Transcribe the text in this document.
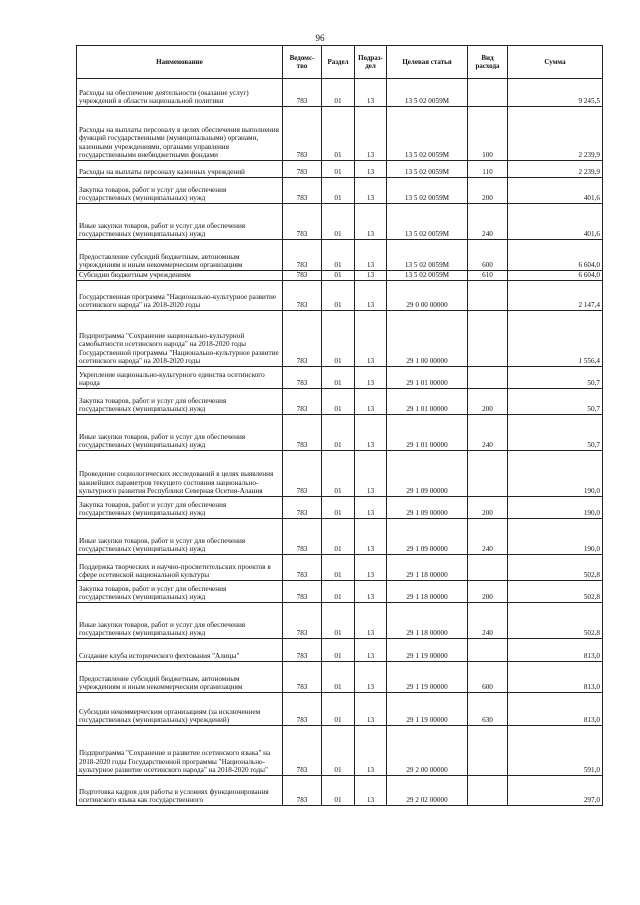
96
Наименование	Ведомс-тво	Раздел	Подраз-дел	Целевая статья	Вид расхода	Сумма
Расходы на обеспечение деятельности (оказание услуг) учреждений в области национальной политики	783	01	13	13 5 02 0059М		9 245,5
Расходы на выплаты персоналу в целях обеспечения выполнения функций государственными (муниципальными) органами, казенными учреждениями, органами управления государственными внебюджетными фондами	783	01	13	13 5 02 0059М	100	2 239,9
Расходы на выплаты персоналу казенных учреждений	783	01	13	13 5 02 0059М	110	2 239,9
Закупка товаров, работ и услуг для обеспечения государственных (муниципальных) нужд	783	01	13	13 5 02 0059М	200	401,6
Иные закупки товаров, работ и услуг для обеспечения государственных (муниципальных) нужд	783	01	13	13 5 02 0059М	240	401,6
Предоставление субсидий бюджетным, автономным учреждениям и иным некоммерческим организациям	783	01	13	13 5 02 0059М	600	6 604,0
Субсидии бюджетным учреждениям	783	01	13	13 5 02 0059М	610	6 604,0
Государственная программа "Национально-культурное развитие осетинского народа" на 2018-2020 годы	783	01	13	29 0 00 00000		2 147,4
Подпрограмма "Сохранение национально-культурной самобытности осетинского народа" на 2018-2020 годы Государственной программы "Национально-культурное развитие осетинского народа" на 2018-2020 годы	783	01	13	29 1 00 00000		1 556,4
Укрепление национально-культурного единства осетинского народа	783	01	13	29 1 01 00000		50,7
Закупка товаров, работ и услуг для обеспечения государственных (муниципальных) нужд	783	01	13	29 1 01 00000	200	50,7
Иные закупки товаров, работ и услуг для обеспечения государственных (муниципальных) нужд	783	01	13	29 1 01 00000	240	50,7
Проведение социологических исследований в целях выявления важнейших параметров текущего состояния национально-культурного развития Республики Северная Осетия-Алания	783	01	13	29 1 09 00000		190,0
Закупка товаров, работ и услуг для обеспечения государственных (муниципальных) нужд	783	01	13	29 1 09 00000	200	190,0
Иные закупки товаров, работ и услуг для обеспечения государственных (муниципальных) нужд	783	01	13	29 1 09 00000	240	190,0
Поддержка творческих и научно-просветительских проектов в сфере осетинской национальной культуры	783	01	13	29 1 18 00000		502,8
Закупка товаров, работ и услуг для обеспечения государственных (муниципальных) нужд	783	01	13	29 1 18 00000	200	502,8
Иные закупки товаров, работ и услуг для обеспечения государственных (муниципальных) нужд	783	01	13	29 1 18 00000	240	502,8
Создание клуба исторического фехтования "Алицы"	783	01	13	29 1 19 00000		813,0
Предоставление субсидий бюджетным, автономным учреждениям и иным некоммерческим организациям	783	01	13	29 1 19 00000	600	813,0
Субсидии некоммерческим организациям (за исключением государственных (муниципальных) учреждений)	783	01	13	29 1 19 00000	630	813,0
Подпрограмма "Сохранение и развитие осетинского языка" на 2018-2020 годы Государственной программы "Национально-культурное развитие осетинского народа" на 2018-2020 годы"	783	01	13	29 2 00 00000		591,0
Подготовка кадров для работы в условиях функционирования осетинского языка как государственного	783	01	13	29 2 02 00000		297,0
